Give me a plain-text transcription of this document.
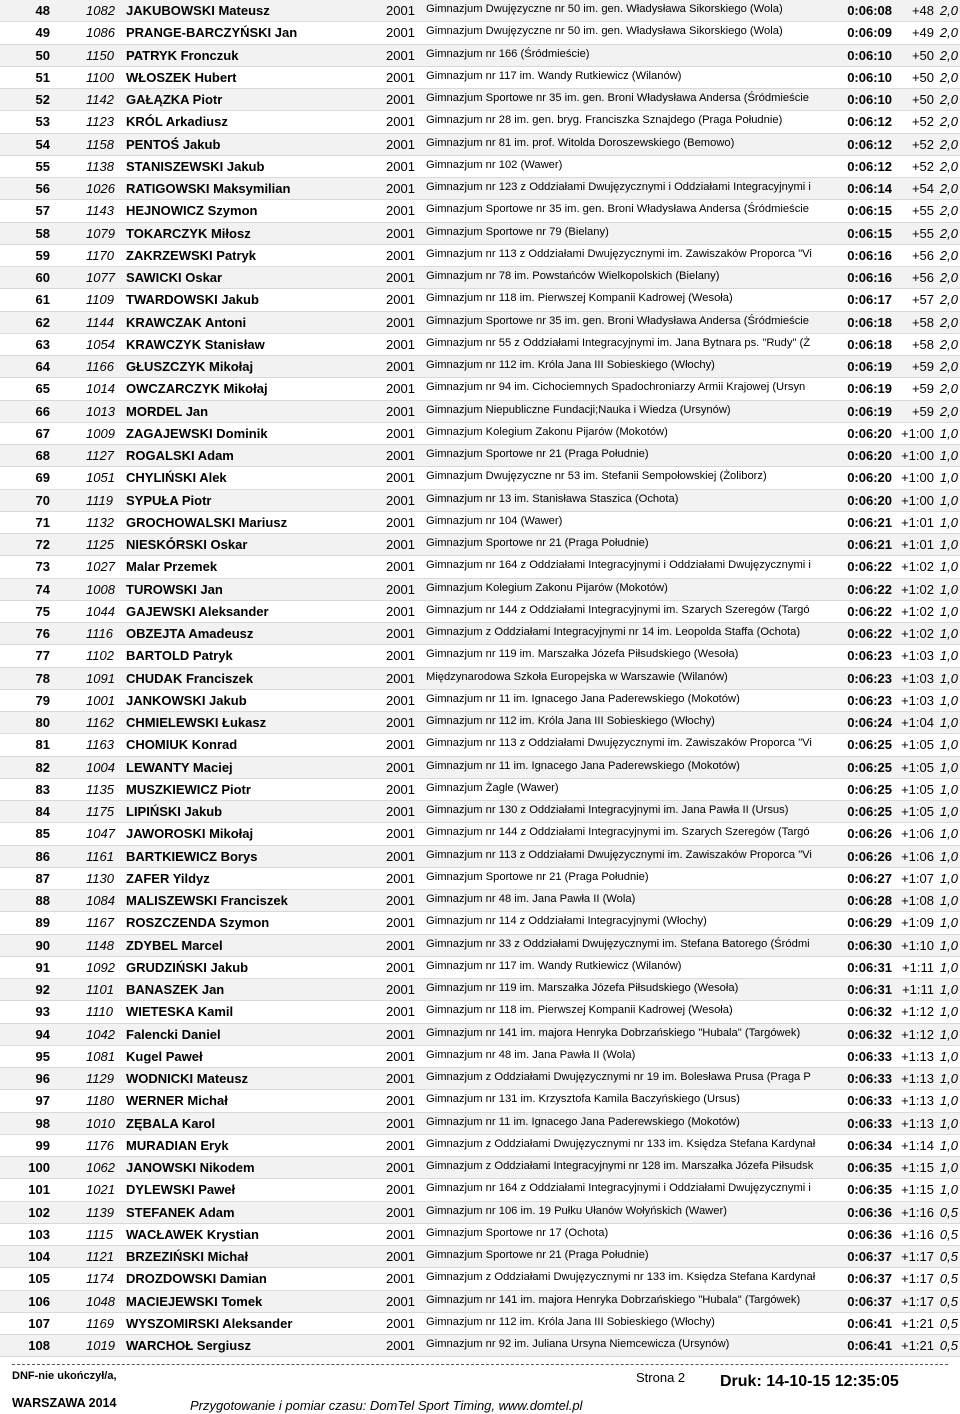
48	1082 JAKUBOWSKI Mateusz	2001 Gimnazjum Dwujęzyczne nr 50 im. gen. Władysława Sikorskiego (Wola)	0:06:08	+48 2,0
49	1086 PRANGE-BARCZYŃSKI Jan	2001 Gimnazjum Dwujęzyczne nr 50 im. gen. Władysława Sikorskiego (Wola)	0:06:09	+49 2,0
50	1150 PATRYK Fronczuk	2001 Gimnazjum nr 166 (Śródmieście)	0:06:10	+50 2,0
51	1100 WŁOSZEK Hubert	2001 Gimnazjum nr 117 im. Wandy Rutkiewicz (Wilanów)	0:06:10	+50 2,0
52	1142 GAŁĄZKA Piotr	2001 Gimnazjum Sportowe nr 35 im. gen. Broni Władysława Andersa (Śródmieście	0:06:10	+50 2,0
53	1123 KRÓL Arkadiusz	2001 Gimnazjum nr 28 im. gen. bryg. Franciszka Sznajdego (Praga Południe)	0:06:12	+52 2,0
54	1158 PENTOŚ Jakub	2001 Gimnazjum nr 81 im. prof. Witolda Doroszewskiego (Bemowo)	0:06:12	+52 2,0
55	1138 STANISZEWSKI Jakub	2001 Gimnazjum nr 102 (Wawer)	0:06:12	+52 2,0
56	1026 RATIGOWSKI Maksymilian	2001 Gimnazjum nr 123 z Oddziałami Dwujęzycznymi i Oddziałami Integracyjnymi i	0:06:14	+54 2,0
57	1143 HEJNOWICZ Szymon	2001 Gimnazjum Sportowe nr 35 im. gen. Broni Władysława Andersa (Śródmieście	0:06:15	+55 2,0
58	1079 TOKARCZYK Miłosz	2001 Gimnazjum Sportowe nr 79 (Bielany)	0:06:15	+55 2,0
59	1170 ZAKRZEWSKI Patryk	2001 Gimnazjum nr 113 z Oddziałami Dwujęzycznymi im. Zawiszaków Proporca "Vi	0:06:16	+56 2,0
60	1077 SAWICKI Oskar	2001 Gimnazjum nr 78 im. Powstańców Wielkopolskich (Bielany)	0:06:16	+56 2,0
61	1109 TWARDOWSKI Jakub	2001 Gimnazjum nr 118 im. Pierwszej Kompanii Kadrowej (Wesoła)	0:06:17	+57 2,0
62	1144 KRAWCZAK Antoni	2001 Gimnazjum Sportowe nr 35 im. gen. Broni Władysława Andersa (Śródmieście	0:06:18	+58 2,0
63	1054 KRAWCZYK Stanisław	2001 Gimnazjum nr 55 z Oddziałami Integracyjnymi im. Jana Bytnara ps. "Rudy" (Ż	0:06:18	+58 2,0
64	1166 GŁUSZCZYK Mikołaj	2001 Gimnazjum nr 112 im. Króla Jana III Sobieskiego (Włochy)	0:06:19	+59 2,0
65	1014 OWCZARCZYK Mikołaj	2001 Gimnazjum nr 94 im. Cichociemnych Spadochroniarzy Armii Krajowej (Ursyn	0:06:19	+59 2,0
66	1013 MORDEL Jan	2001 Gimnazjum Niepubliczne Fundacji;Nauka i Wiedza (Ursynów)	0:06:19	+59 2,0
67	1009 ZAGAJEWSKI Dominik	2001 Gimnazjum Kolegium Zakonu Pijarów (Mokotów)	0:06:20 +1:00 1,0
68	1127 ROGALSKI Adam	2001 Gimnazjum Sportowe nr 21 (Praga Południe)	0:06:20 +1:00 1,0
69	1051 CHYLIŃSKI Alek	2001 Gimnazjum Dwujęzyczne nr 53 im. Stefanii Sempołowskiej (Żoliborz)	0:06:20 +1:00 1,0
70	1119	SYPUŁA Piotr	2001 Gimnazjum nr 13 im. Stanisława Staszica (Ochota)	0:06:20 +1:00 1,0
71	1132 GROCHOWALSKI Mariusz	2001 Gimnazjum nr 104 (Wawer)	0:06:21 +1:01 1,0
72	1125 NIESKÓRSKI Oskar	2001 Gimnazjum Sportowe nr 21 (Praga Południe)	0:06:21 +1:01 1,0
73	1027 Malar Przemek	2001 Gimnazjum nr 164 z Oddziałami Integracyjnymi i Oddziałami Dwujęzycznymi i	0:06:22 +1:02 1,0
74	1008 TUROWSKI Jan	2001 Gimnazjum Kolegium Zakonu Pijarów (Mokotów)	0:06:22 +1:02 1,0
75	1044 GAJEWSKI Aleksander	2001 Gimnazjum nr 144 z Oddziałami Integracyjnymi im. Szarych Szeregów (Targó	0:06:22 +1:02 1,0
76	1116	OBZEJTA Amadeusz	2001 Gimnazjum z Oddziałami Integracyjnymi nr 14 im. Leopolda Staffa (Ochota)	0:06:22 +1:02 1,0
77	1102 BARTOLD Patryk	2001 Gimnazjum nr 119 im. Marszałka Józefa Piłsudskiego (Wesoła)	0:06:23 +1:03 1,0
78	1091 CHUDAK Franciszek	2001 Międzynarodowa Szkoła Europejska w Warszawie (Wilanów)	0:06:23 +1:03 1,0
79	1001 JANKOWSKI Jakub	2001 Gimnazjum nr 11 im. Ignacego Jana Paderewskiego (Mokotów)	0:06:23 +1:03 1,0
80	1162 CHMIELEWSKI Łukasz	2001 Gimnazjum nr 112 im. Króla Jana III Sobieskiego (Włochy)	0:06:24 +1:04 1,0
81	1163 CHOMIUK Konrad	2001 Gimnazjum nr 113 z Oddziałami Dwujęzycznymi im. Zawiszaków Proporca "Vi	0:06:25 +1:05 1,0
82	1004 LEWANTY Maciej	2001 Gimnazjum nr 11 im. Ignacego Jana Paderewskiego (Mokotów)	0:06:25 +1:05 1,0
83	1135 MUSZKIEWICZ Piotr	2001 Gimnazjum Żagle (Wawer)	0:06:25 +1:05 1,0
84	1175 LIPIŃSKI Jakub	2001 Gimnazjum nr 130 z Oddziałami Integracyjnymi im. Jana Pawła II (Ursus)	0:06:25 +1:05 1,0
85	1047 JAWOROSKI Mikołaj	2001 Gimnazjum nr 144 z Oddziałami Integracyjnymi im. Szarych Szeregów (Targó	0:06:26 +1:06 1,0
86	1161 BARTKIEWICZ Borys	2001 Gimnazjum nr 113 z Oddziałami Dwujęzycznymi im. Zawiszaków Proporca "Vi	0:06:26 +1:06 1,0
87	1130 ZAFER Yildyz	2001 Gimnazjum Sportowe nr 21 (Praga Południe)	0:06:27 +1:07 1,0
88	1084 MALISZEWSKI Franciszek	2001 Gimnazjum nr 48 im. Jana Pawła II (Wola)	0:06:28 +1:08 1,0
89	1167 ROSZCZENDA Szymon	2001 Gimnazjum nr 114 z Oddziałami Integracyjnymi (Włochy)	0:06:29 +1:09 1,0
90	1148 ZDYBEL Marcel	2001 Gimnazjum nr 33 z Oddziałami Dwujęzycznymi im. Stefana Batorego (Śródmi	0:06:30 +1:10 1,0
91	1092 GRUDZIŃSKI Jakub	2001 Gimnazjum nr 117 im. Wandy Rutkiewicz (Wilanów)	0:06:31 +1:11 1,0
92	1101 BANASZEK Jan	2001 Gimnazjum nr 119 im. Marszałka Józefa Piłsudskiego (Wesoła)	0:06:31 +1:11 1,0
93	1110	WIETESKA Kamil	2001 Gimnazjum nr 118 im. Pierwszej Kompanii Kadrowej (Wesoła)	0:06:32 +1:12 1,0
94	1042 Falencki Daniel	2001 Gimnazjum nr 141 im. majora Henryka Dobrzańskiego "Hubala" (Targówek)	0:06:32 +1:12 1,0
95	1081 Kugel Paweł	2001 Gimnazjum nr 48 im. Jana Pawła II (Wola)	0:06:33 +1:13 1,0
96	1129 WODNICKI Mateusz	2001 Gimnazjum z Oddziałami Dwujęzycznymi nr 19 im. Bolesława Prusa (Praga P	0:06:33 +1:13 1,0
97	1180 WERNER Michał	2001 Gimnazjum nr 131 im. Krzysztofa Kamila Baczyńskiego (Ursus)	0:06:33 +1:13 1,0
98	1010 ZĘBALA Karol	2001 Gimnazjum nr 11 im. Ignacego Jana Paderewskiego (Mokotów)	0:06:33 +1:13 1,0
99	1176 MURADIAN Eryk	2001 Gimnazjum z Oddziałami Dwujęzycznymi nr 133 im. Księdza Stefana Kardynał	0:06:34 +1:14 1,0
100	1062 JANOWSKI Nikodem	2001 Gimnazjum z Oddziałami Integracyjnymi nr 128 im. Marszałka Józefa Piłsudsk	0:06:35 +1:15 1,0
101	1021 DYLEWSKI Paweł	2001 Gimnazjum nr 164 z Oddziałami Integracyjnymi i Oddziałami Dwujęzycznymi i	0:06:35 +1:15 1,0
102	1139 STEFANEK Adam	2001 Gimnazjum nr 106 im. 19 Pułku Ułanów Wołyńskich (Wawer)	0:06:36 +1:16 0,5
103	1115	WACŁAWEK Krystian	2001 Gimnazjum Sportowe nr 17 (Ochota)	0:06:36 +1:16 0,5
104	1121 BRZEZIŃSKI Michał	2001 Gimnazjum Sportowe nr 21 (Praga Południe)	0:06:37 +1:17 0,5
105	1174 DROZDOWSKI Damian	2001 Gimnazjum z Oddziałami Dwujęzycznymi nr 133 im. Księdza Stefana Kardynał	0:06:37 +1:17 0,5
106	1048 MACIEJEWSKI Tomek	2001 Gimnazjum nr 141 im. majora Henryka Dobrzańskiego "Hubala" (Targówek)	0:06:37 +1:17 0,5
107	1169 WYSZOMIRSKI Aleksander	2001 Gimnazjum nr 112 im. Króla Jana III Sobieskiego (Włochy)	0:06:41 +1:21 0,5
108	1019 WARCHOŁ Sergiusz	2001 Gimnazjum nr 92 im. Juliana Ursyna Niemcewicza (Ursynów)	0:06:41 +1:21 0,5
DNF-nie ukończył/a,
WARSZAWA 2014
Strona 2
Przygotowanie i pomiar czasu: DomTel Sport Timing, www.domtel.pl
Druk: 14-10-15 12:35:05
